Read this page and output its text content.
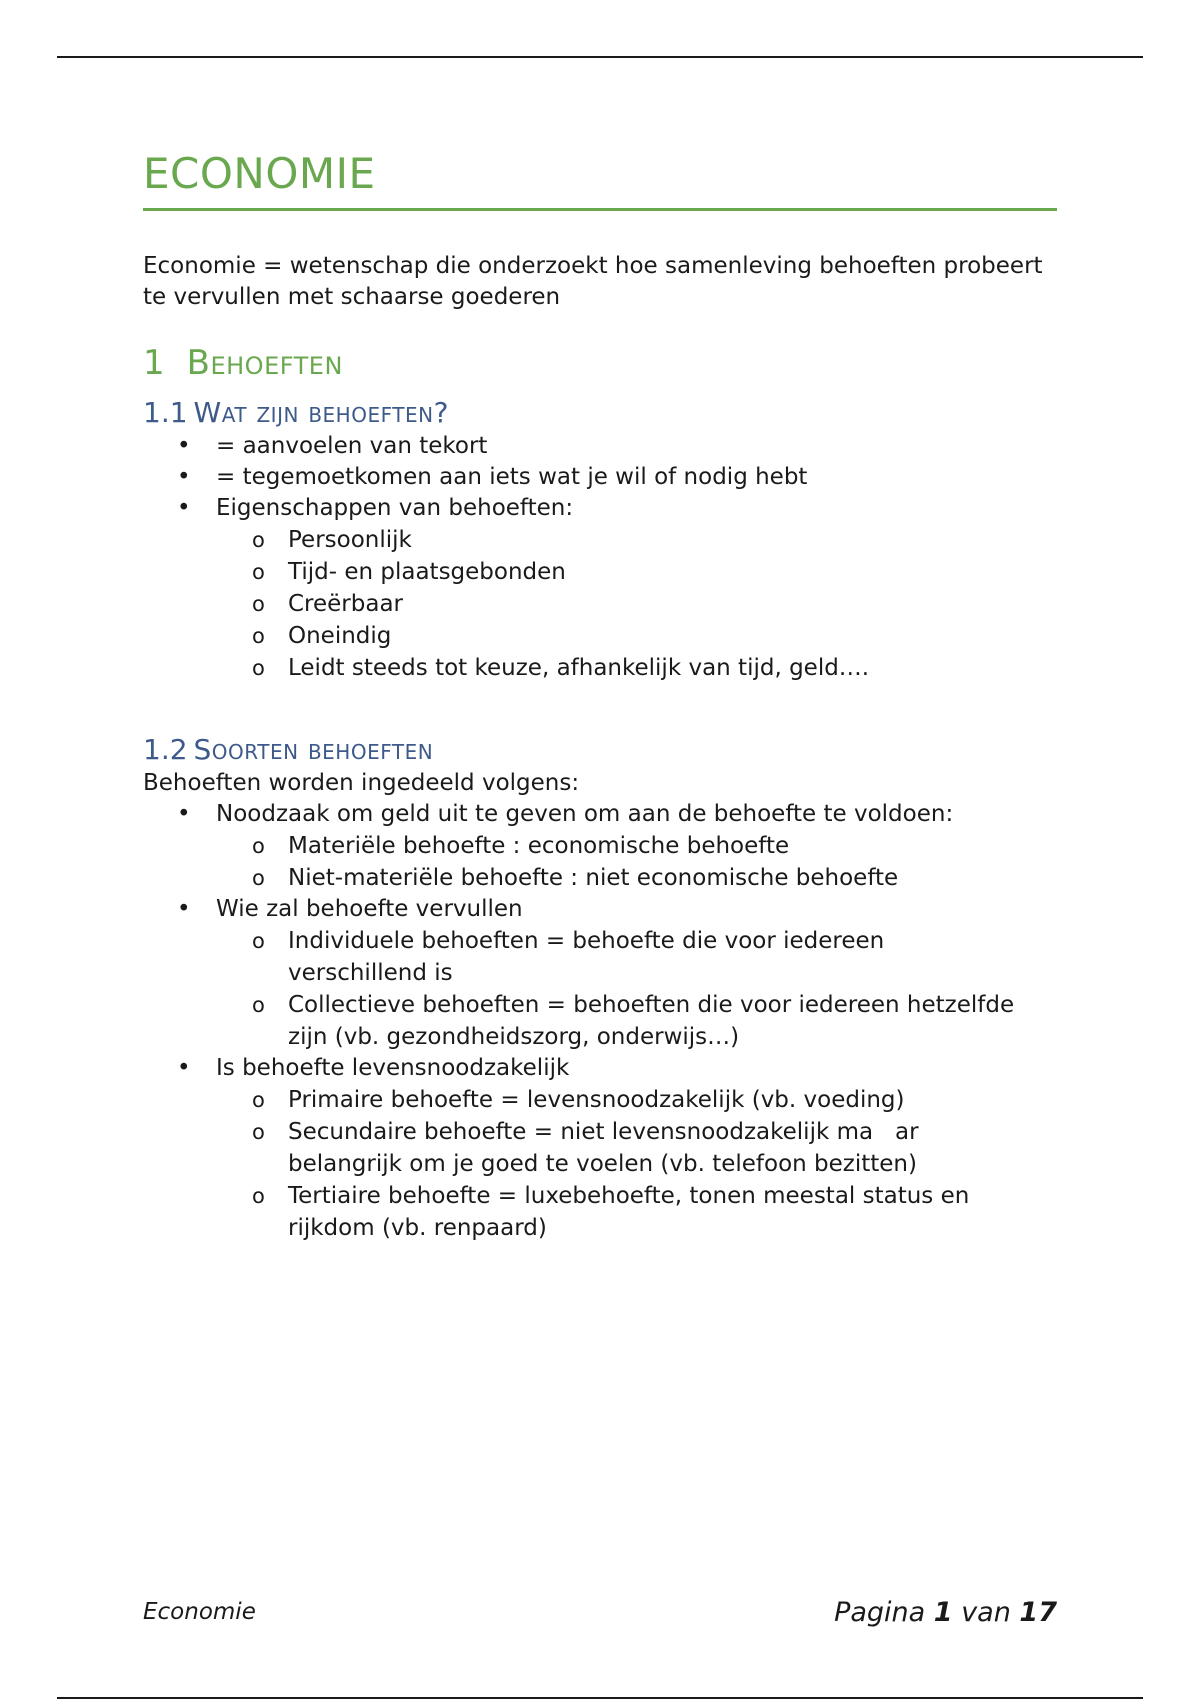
ECONOMIE

Economie = wetenschap die onderzoekt hoe samenleving behoeften probeert te vervullen met schaarse goederen

1 Behoeften
1.1 Wat zijn behoeften?
• = aanvoelen van tekort
• = tegemoetkomen aan iets wat je wil of nodig hebt
• Eigenschappen van behoeften:
o Persoonlijk
o Tijd- en plaatsgebonden
o Creërbaar
o Oneindig
o Leidt steeds tot keuze, afhankelijk van tijd, geld….
1.2 Soorten behoeften

Behoeften worden ingedeeld volgens:

• Noodzaak om geld uit te geven om aan de behoefte te voldoen:
o Materiële behoefte : economische behoefte
o Niet-materiële behoefte : niet economische behoefte
• Wie zal behoefte vervullen
o Individuele behoeften = behoefte die voor iedereen verschillend is
o Collectieve behoeften = behoeften die voor iedereen hetzelfde zijn (vb. gezondheidszorg, onderwijs…)
• Is behoefte levensnoodzakelijk
o Primaire behoefte = levensnoodzakelijk (vb. voeding)
o Secundaire behoefte = niet levensnoodzakelijk ma   ar belangrijk om je goed te voelen (vb. telefoon bezitten)
o Tertiaire behoefte = luxebehoefte, tonen meestal status en rijkdom (vb. renpaard)
Economie	Pagina 1 van 17
